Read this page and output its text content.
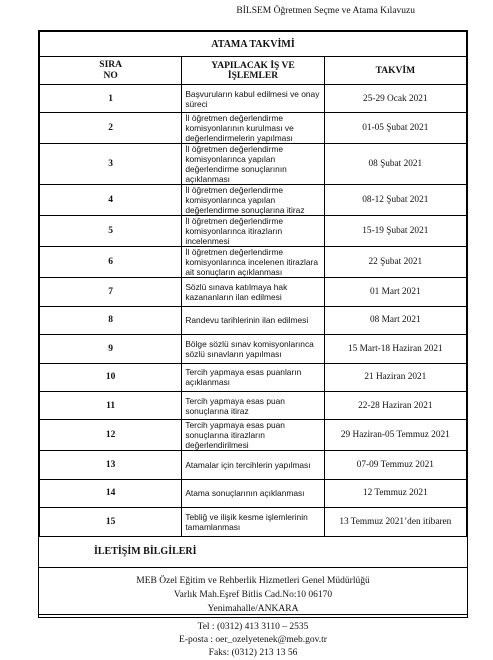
BİLSEM Öğretmen Seçme ve Atama Kılavuzu
ATAMA TAKVİMİ		
SIRA NO	YAPILACAK İŞ VE İŞLEMLER	TAKVİM
1	Başvuruların kabul edilmesi ve onay süreci	25-29 Ocak 2021
2	İl öğretmen değerlendirme komisyonlarının kurulması ve değerlendirmelerin yapılması	01-05 Şubat 2021
3	İl öğretmen değerlendirme komisyonlarınca yapılan değerlendirme sonuçlarının açıklanması	08 Şubat 2021
4	İl öğretmen değerlendirme komisyonlarınca yapılan değerlendirme sonuçlarına itiraz	08-12 Şubat 2021
5	İl öğretmen değerlendirme komisyonlarınca itirazların incelenmesi	15-19 Şubat 2021
6	İl öğretmen değerlendirme komisyonlarınca incelenen itirazlara ait sonuçların açıklanması	22 Şubat 2021
7	Sözlü sınava katılmaya hak kazananların ilan edilmesi	01 Mart 2021
8	Randevu tarihlerinin ilan edilmesi	08 Mart 2021
9	Bölge sözlü sınav komisyonlarınca sözlü sınavların yapılması	15 Mart-18 Haziran 2021
10	Tercih yapmaya esas puanların açıklanması	21 Haziran 2021
11	Tercih yapmaya esas puan sonuçlarına itiraz	22-28 Haziran 2021
12	Tercih yapmaya esas puan sonuçlarına itirazların değerlendirilmesi	29 Haziran-05 Temmuz 2021
13	Atamalar için tercihlerin yapılması	07-09 Temmuz 2021
14	Atama sonuçlarının açıklanması	12 Temmuz 2021
15	Tebliğ ve ilişik kesme işlemlerinin tamamlanması	13 Temmuz 2021’den itibaren
İLETİŞİM BİLGİLERİ
MEB Özel Eğitim ve Rehberlik Hizmetleri Genel Müdürlüğü
Varlık Mah.Eşref Bitlis Cad.No:10 06170
Yenimahalle/ANKARA
Tel : (0312) 413 3110 – 2535
E-posta : oer_ozelyetenek@meb.gov.tr
Faks: (0312) 213 13 56
